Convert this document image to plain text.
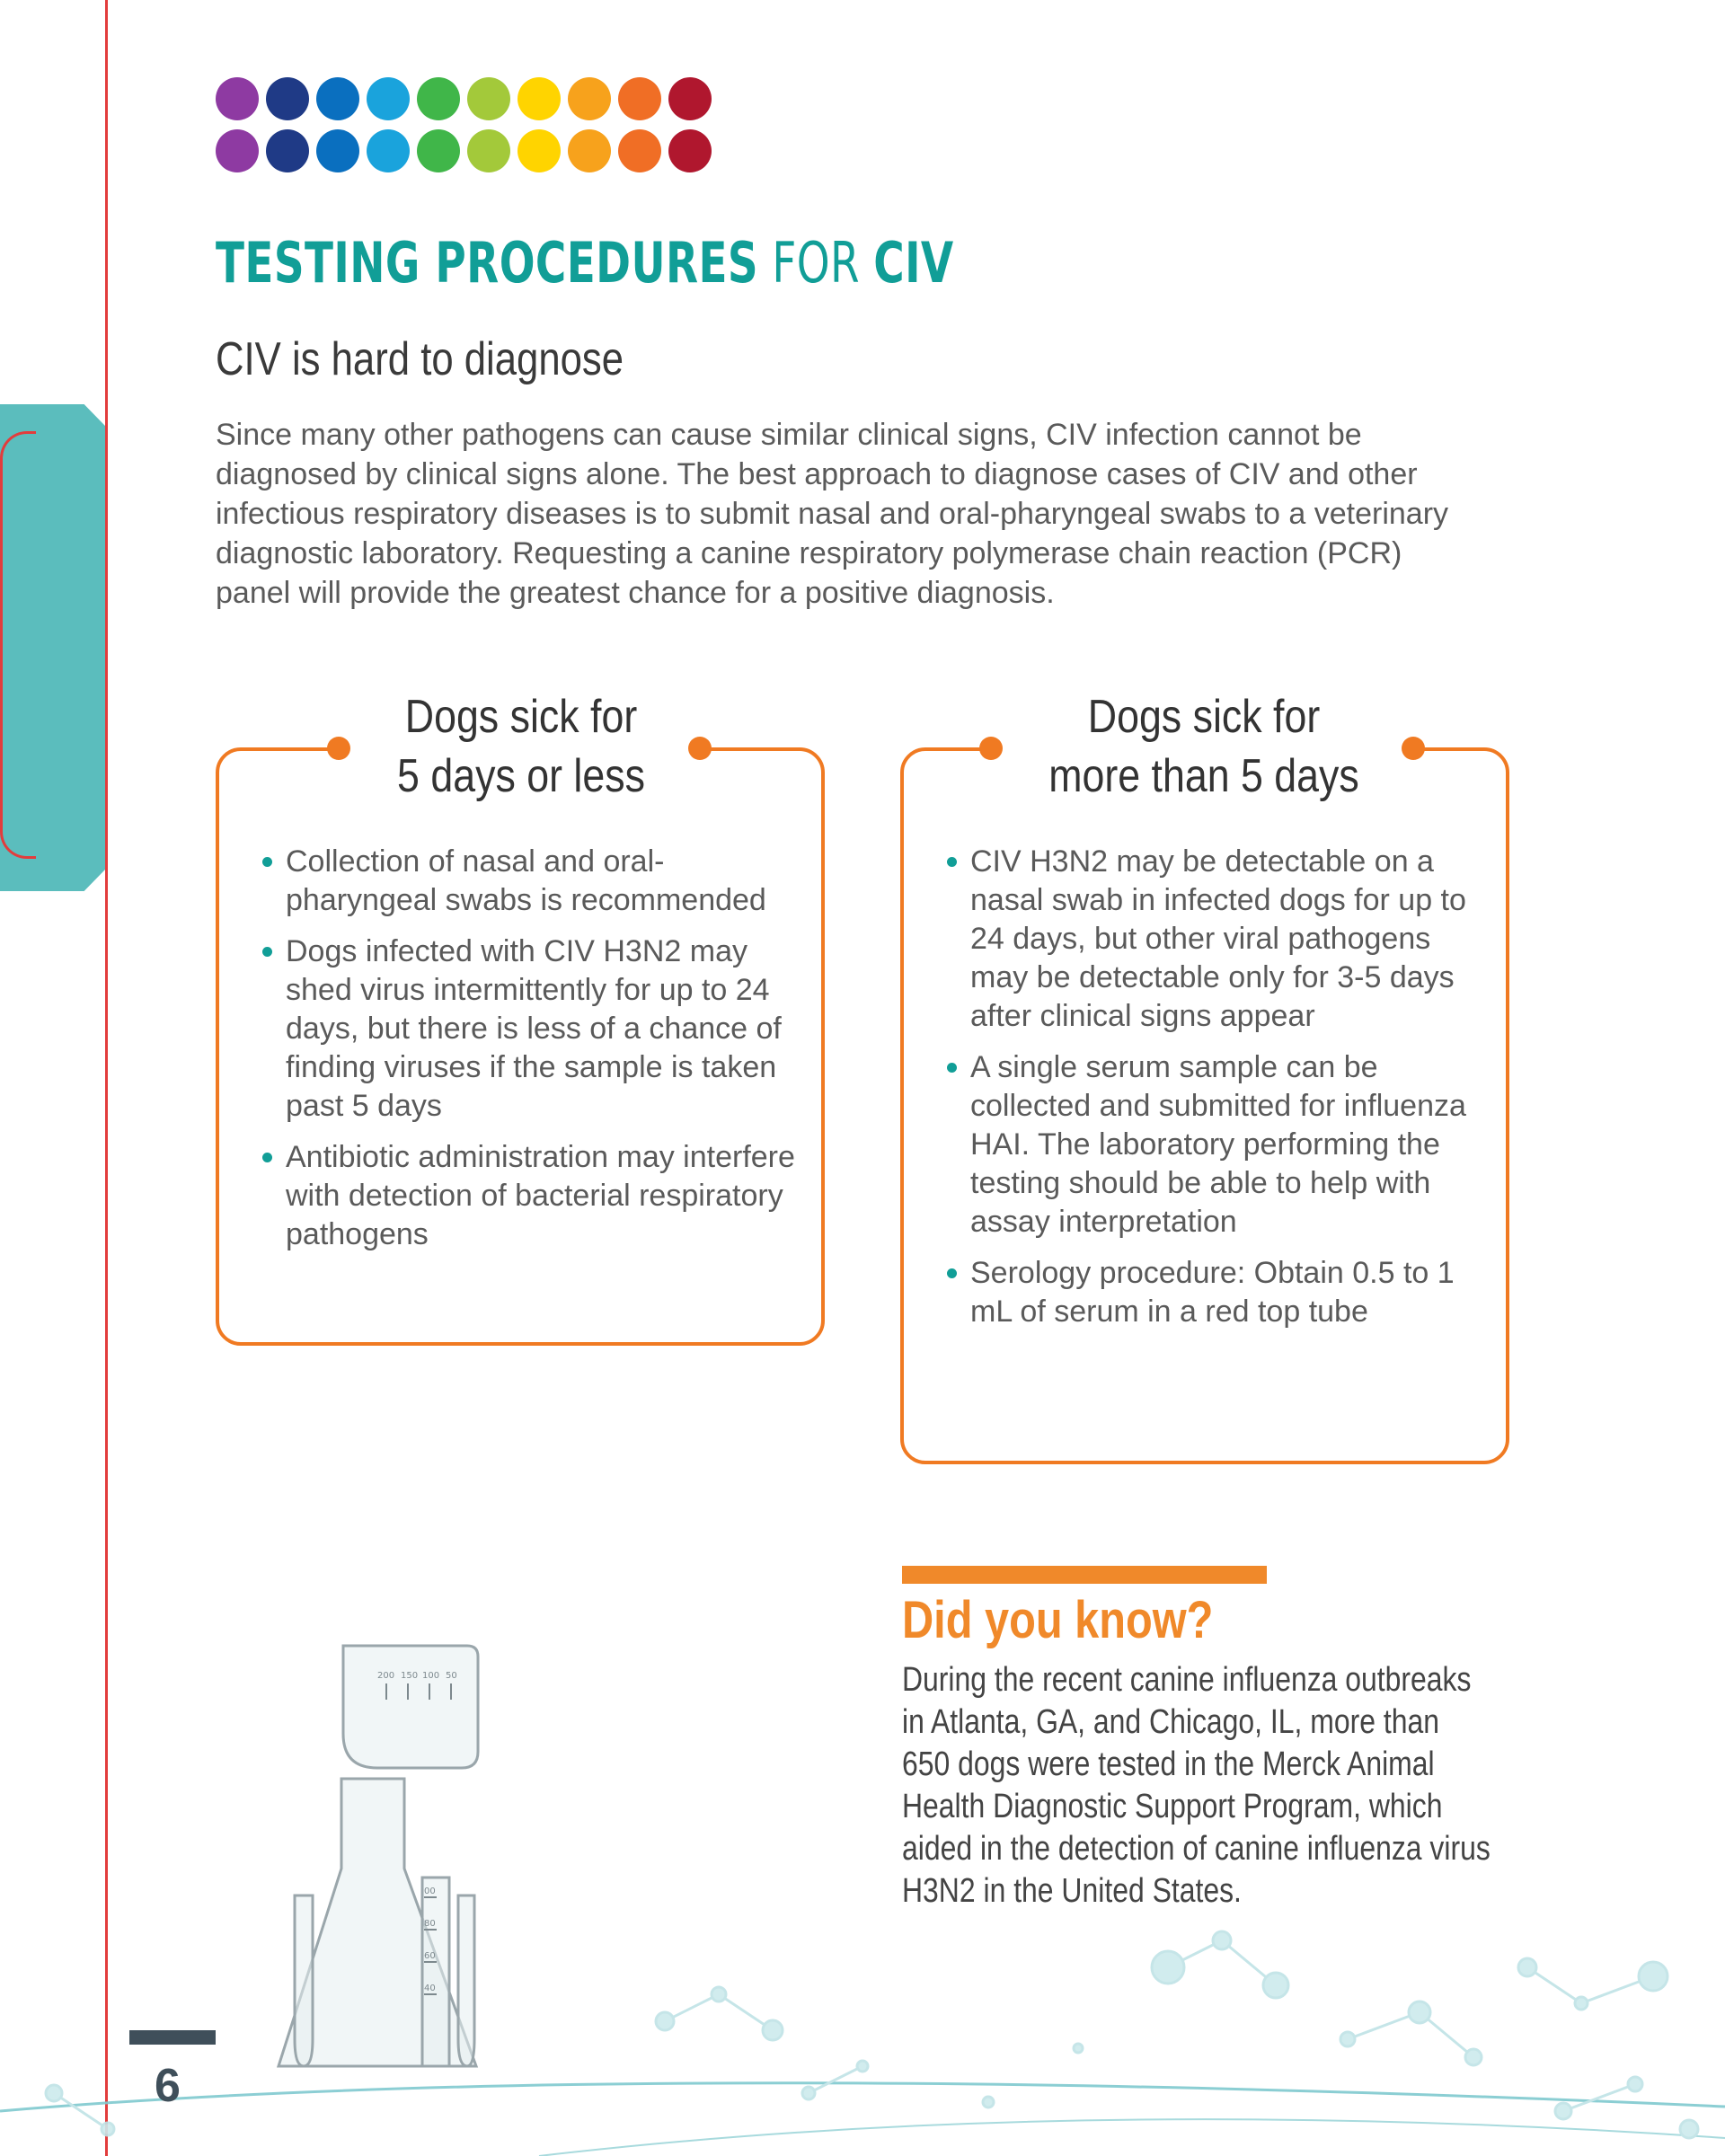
TESTING PROCEDURES FOR CIV
CIV is hard to diagnose

Since many other pathogens can cause similar clinical signs, CIV infection cannot be diagnosed by clinical signs alone. The best approach to diagnose cases of CIV and other infectious respiratory diseases is to submit nasal and oral-pharyngeal swabs to a veterinary diagnostic laboratory. Requesting a canine respiratory polymerase chain reaction (PCR) panel will provide the greatest chance for a positive diagnosis.

Dogs sick for
5 days or less
Collection of nasal and oral-pharyngeal swabs is recommended
Dogs infected with CIV H3N2 may shed virus intermittently for up to 24 days, but there is less of a chance of finding viruses if the sample is taken past 5 days
Antibiotic administration may interfere with detection of bacterial respiratory pathogens
Dogs sick for
more than 5 days
CIV H3N2 may be detectable on a nasal swab in infected dogs for up to 24 days, but other viral pathogens may be detectable only for 3-5 days after clinical signs appear
A single serum sample can be collected and submitted for influenza HAI. The laboratory performing the testing should be able to help with assay interpretation
Serology procedure: Obtain 0.5 to 1 mL of serum in a red top tube
Did you know?

During the recent canine influenza outbreaks in Atlanta, GA, and Chicago, IL, more than 650 dogs were tested in the Merck Animal Health Diagnostic Support Program, which aided in the detection of canine influenza virus H3N2 in the United States.

200 150 100 50
00
80
60
40

6
